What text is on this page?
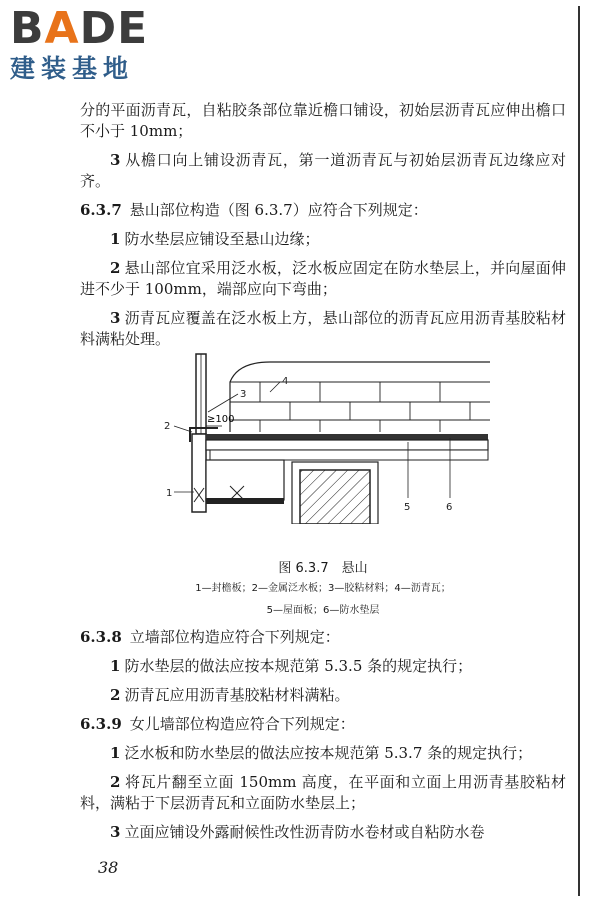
BADE
建装基地

分的平面沥青瓦，自粘胶条部位靠近檐口铺设，初始层沥青瓦应伸出檐口不小于 10mm；

3 从檐口向上铺设沥青瓦，第一道沥青瓦与初始层沥青瓦边缘应对齐。

6.3.7 悬山部位构造（图 6.3.7）应符合下列规定：

1 防水垫层应铺设至悬山边缘；

2 悬山部位宜采用泛水板，泛水板应固定在防水垫层上，并向屋面伸进不少于 100mm，端部应向下弯曲；

3 沥青瓦应覆盖在泛水板上方，悬山部位的沥青瓦应用沥青基胶粘材料满粘处理。

≥100
1
2
3
4
5	6
图 6.3.7　悬山
1—封檐板；2—金属泛水板；3—胶粘材料；4—沥青瓦；
5—屋面板；6—防水垫层

6.3.8 立墙部位构造应符合下列规定：

1 防水垫层的做法应按本规范第 5.3.5 条的规定执行；

2 沥青瓦应用沥青基胶粘材料满粘。

6.3.9 女儿墙部位构造应符合下列规定：

1 泛水板和防水垫层的做法应按本规范第 5.3.7 条的规定执行；

2 将瓦片翻至立面 150mm 高度，在平面和立面上用沥青基胶粘材料，满粘于下层沥青瓦和立面防水垫层上；

3 立面应铺设外露耐候性改性沥青防水卷材或自粘防水卷

38
